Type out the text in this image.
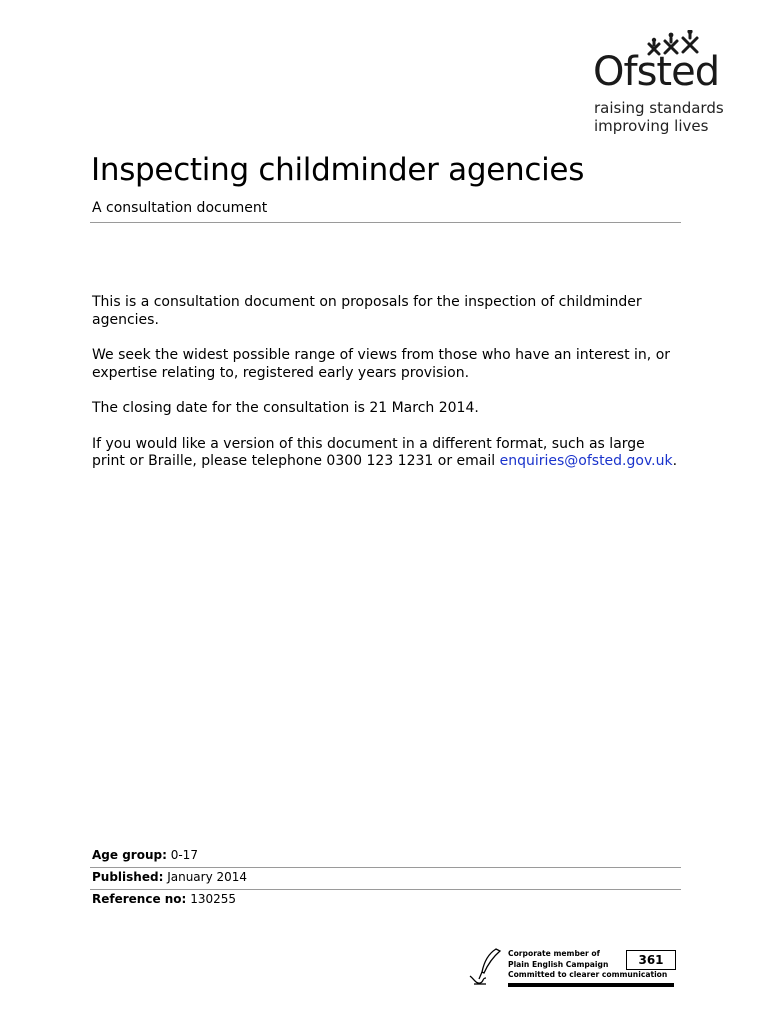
Ofsted
raising standards
improving lives
Inspecting childminder agencies

A consultation document

This is a consultation document on proposals for the inspection of childminder agencies.

We seek the widest possible range of views from those who have an interest in, or expertise relating to, registered early years provision.

The closing date for the consultation is 21 March 2014.

If you would like a version of this document in a different format, such as large print or Braille, please telephone 0300 123 1231 or email enquiries@ofsted.gov.uk.

Age group: 0-17
Published: January 2014
Reference no: 130255
Corporate member of
Plain English Campaign
Committed to clearer communication
361
